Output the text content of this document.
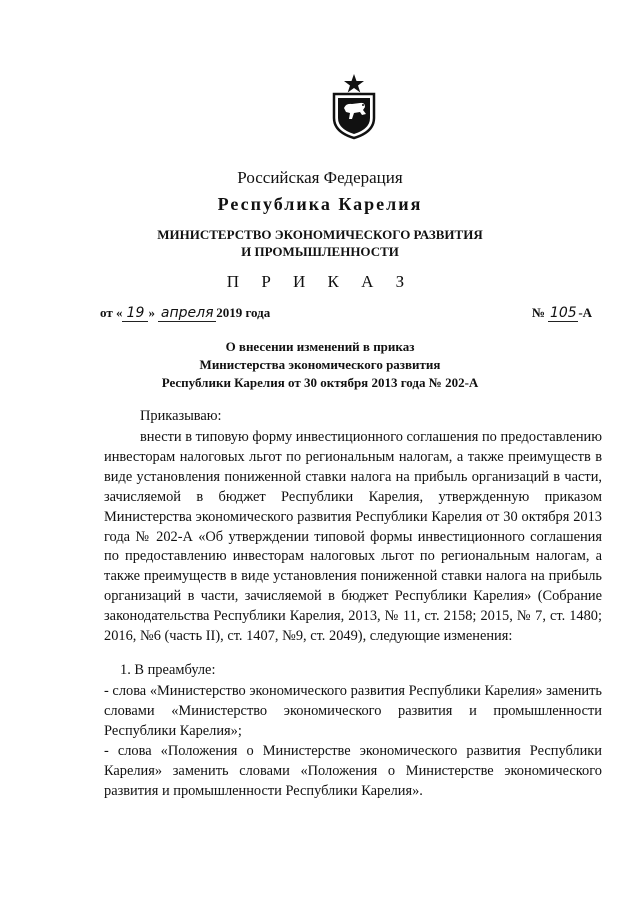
Российская Федерация
Республика Карелия
МИНИСТЕРСТВО ЭКОНОМИЧЕСКОГО РАЗВИТИЯ
И ПРОМЫШЛЕННОСТИ
П Р И К А З
от « 19 » апреля 2019 года	№ 105 -А
О внесении изменений в приказ
Министерства экономического развития
Республики Карелия от 30 октября 2013 года № 202-А
Приказываю:

внести в типовую форму инвестиционного соглашения по предоставлению инвесторам налоговых льгот по региональным налогам, а также преимуществ в виде установления пониженной ставки налога на прибыль организаций в части, зачисляемой в бюджет Республики Карелия, утвержденную приказом Министерства экономического развития Республики Карелия от 30 октября 2013 года № 202-А «Об утверждении типовой формы инвестиционного соглашения по предоставлению инвесторам налоговых льгот по региональным налогам, а также преимуществ в виде установления пониженной ставки налога на прибыль организаций в части, зачисляемой в бюджет Республики Карелия» (Собрание законодательства Республики Карелия, 2013, № 11, ст. 2158; 2015, № 7, ст. 1480; 2016, №6 (часть II), ст. 1407, №9, ст. 2049), следующие изменения:

1. В преамбуле:

- слова «Министерство экономического развития Республики Карелия» заменить словами «Министерство экономического развития и промышленности Республики Карелия»;

- слова «Положения о Министерстве экономического развития Республики Карелия» заменить словами «Положения о Министерстве экономического развития и промышленности Республики Карелия».
